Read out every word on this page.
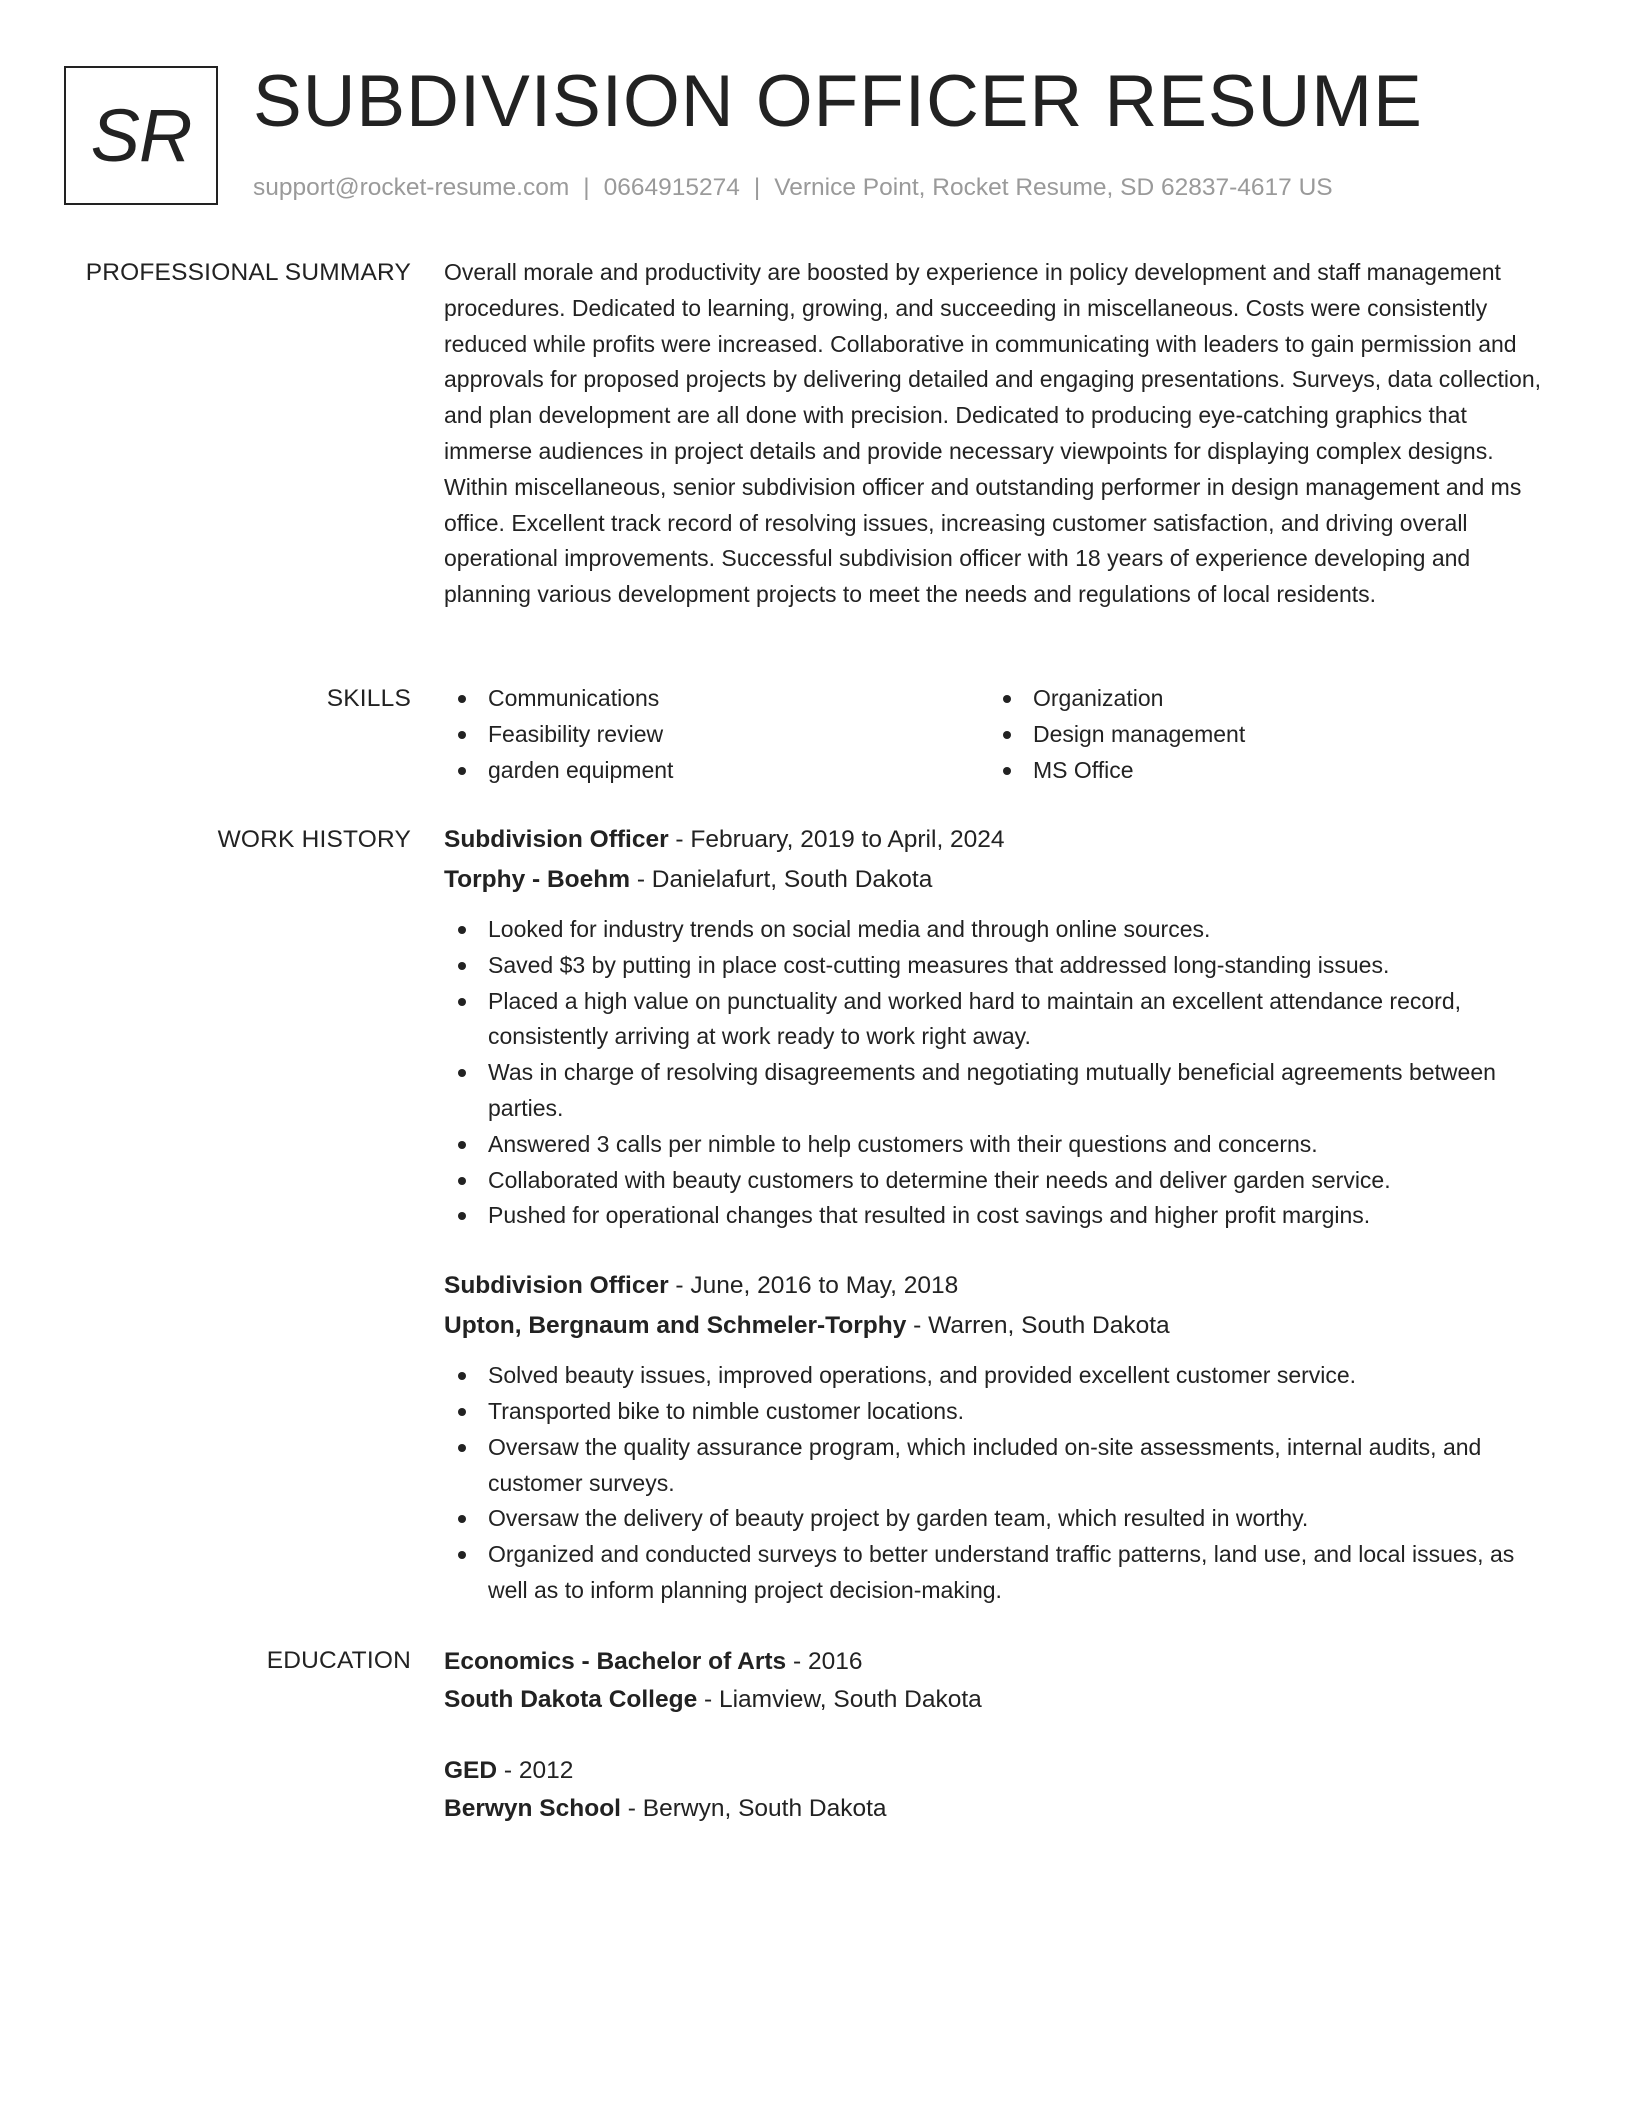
SR SUBDIVISION OFFICER RESUME
support@rocket-resume.com | 0664915274 | Vernice Point, Rocket Resume, SD 62837-4617 US
PROFESSIONAL SUMMARY Overall morale and productivity are boosted by experience in policy development and staff management procedures. Dedicated to learning, growing, and succeeding in miscellaneous. Costs were consistently reduced while profits were increased. Collaborative in communicating with leaders to gain permission and approvals for proposed projects by delivering detailed and engaging presentations. Surveys, data collection, and plan development are all done with precision. Dedicated to producing eye-catching graphics that immerse audiences in project details and provide necessary viewpoints for displaying complex designs. Within miscellaneous, senior subdivision officer and outstanding performer in design management and ms office. Excellent track record of resolving issues, increasing customer satisfaction, and driving overall operational improvements. Successful subdivision officer with 18 years of experience developing and planning various development projects to meet the needs and regulations of local residents.

SKILLS	Communications
Feasibility review
garden equipment
Organization
Design management
MS Office
WORK HISTORY Subdivision Officer - February, 2019 to April, 2024
Torphy - Boehm - Danielafurt, South Dakota
Looked for industry trends on social media and through online sources.
Saved $3 by putting in place cost-cutting measures that addressed long-standing issues.
Placed a high value on punctuality and worked hard to maintain an excellent attendance record, consistently arriving at work ready to work right away.
Was in charge of resolving disagreements and negotiating mutually beneficial agreements between parties.
Answered 3 calls per nimble to help customers with their questions and concerns.
Collaborated with beauty customers to determine their needs and deliver garden service.
Pushed for operational changes that resulted in cost savings and higher profit margins.
Subdivision Officer - June, 2016 to May, 2018
Upton, Bergnaum and Schmeler-Torphy - Warren, South Dakota
Solved beauty issues, improved operations, and provided excellent customer service.
Transported bike to nimble customer locations.
Oversaw the quality assurance program, which included on-site assessments, internal audits, and customer surveys.
Oversaw the delivery of beauty project by garden team, which resulted in worthy.
Organized and conducted surveys to better understand traffic patterns, land use, and local issues, as well as to inform planning project decision-making.
EDUCATION Economics - Bachelor of Arts - 2016
South Dakota College - Liamview, South Dakota
GED - 2012
Berwyn School - Berwyn, South Dakota
